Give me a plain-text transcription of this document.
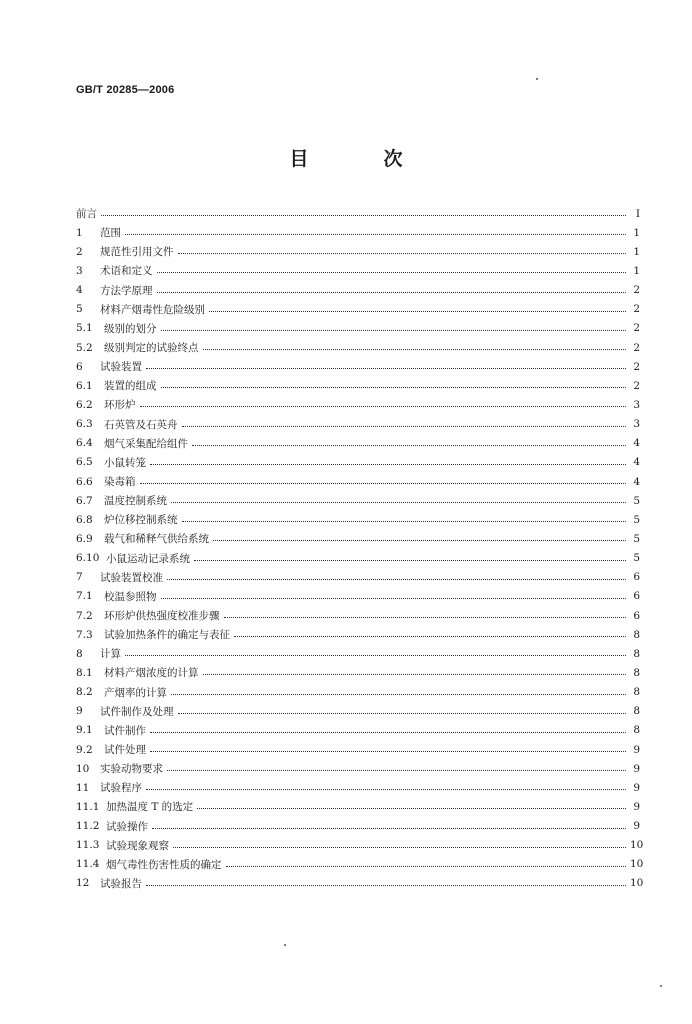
GB/T 20285—2006
目　次
前言	I
1	范围	1
2	规范性引用文件	1
3	术语和定义	1
4	方法学原理	2
5	材料产烟毒性危险级别	2
5.1	级别的划分	2
5.2	级别判定的试验终点	2
6	试验装置	2
6.1	装置的组成	2
6.2	环形炉	3
6.3	石英管及石英舟	3
6.4	烟气采集配给组件	4
6.5	小鼠转笼	4
6.6	染毒箱	4
6.7	温度控制系统	5
6.8	炉位移控制系统	5
6.9	载气和稀释气供给系统	5
6.10 小鼠运动记录系统	5
7	试验装置校准	6
7.1	校温参照物	6
7.2	环形炉供热强度校准步骤	6
7.3	试验加热条件的确定与表征	8
8	计算	8
8.1	材料产烟浓度的计算	8
8.2	产烟率的计算	8
9	试件制作及处理	8
9.1	试件制作	8
9.2	试件处理	9
10	实验动物要求	9
11	试验程序	9
11.1 加热温度 T 的选定	9
11.2 试验操作	9
11.3 试验现象观察	10
11.4 烟气毒性伤害性质的确定	10
12	试验报告	10
